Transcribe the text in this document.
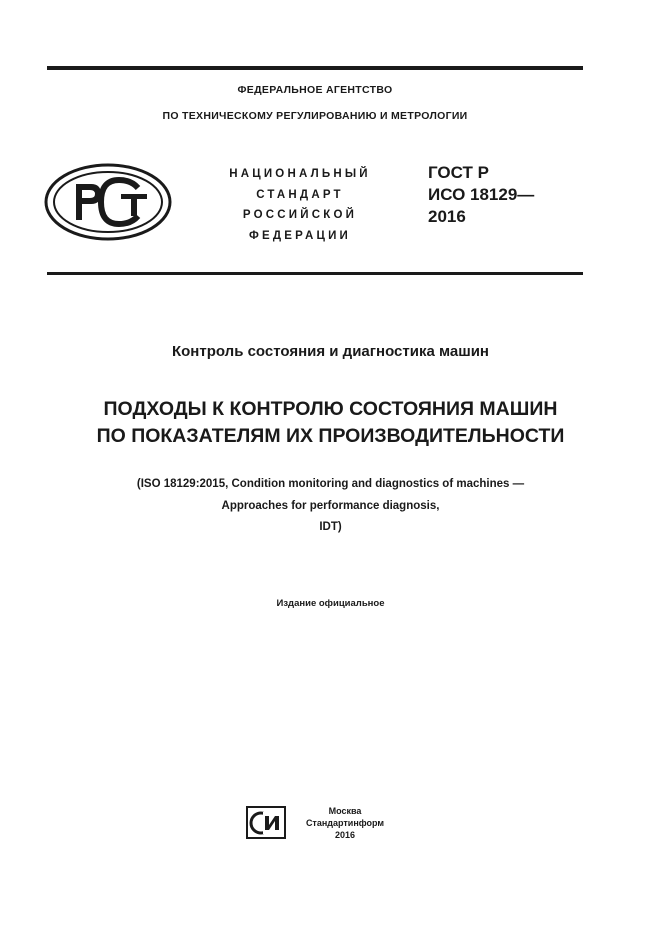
ФЕДЕРАЛЬНОЕ АГЕНТСТВО
ПО ТЕХНИЧЕСКОМУ РЕГУЛИРОВАНИЮ И МЕТРОЛОГИИ
НАЦИОНАЛЬНЫЙ
СТАНДАРТ
РОССИЙСКОЙ
ФЕДЕРАЦИИ
ГОСТ Р
ИСО 18129—
2016
Контроль состояния и диагностика машин
ПОДХОДЫ К КОНТРОЛЮ СОСТОЯНИЯ МАШИН
ПО ПОКАЗАТЕЛЯМ ИХ ПРОИЗВОДИТЕЛЬНОСТИ
(ISO 18129:2015, Condition monitoring and diagnostics of machines —
Approaches for performance diagnosis,
IDT)
Издание официальное
Москва
Стандартинформ
2016
